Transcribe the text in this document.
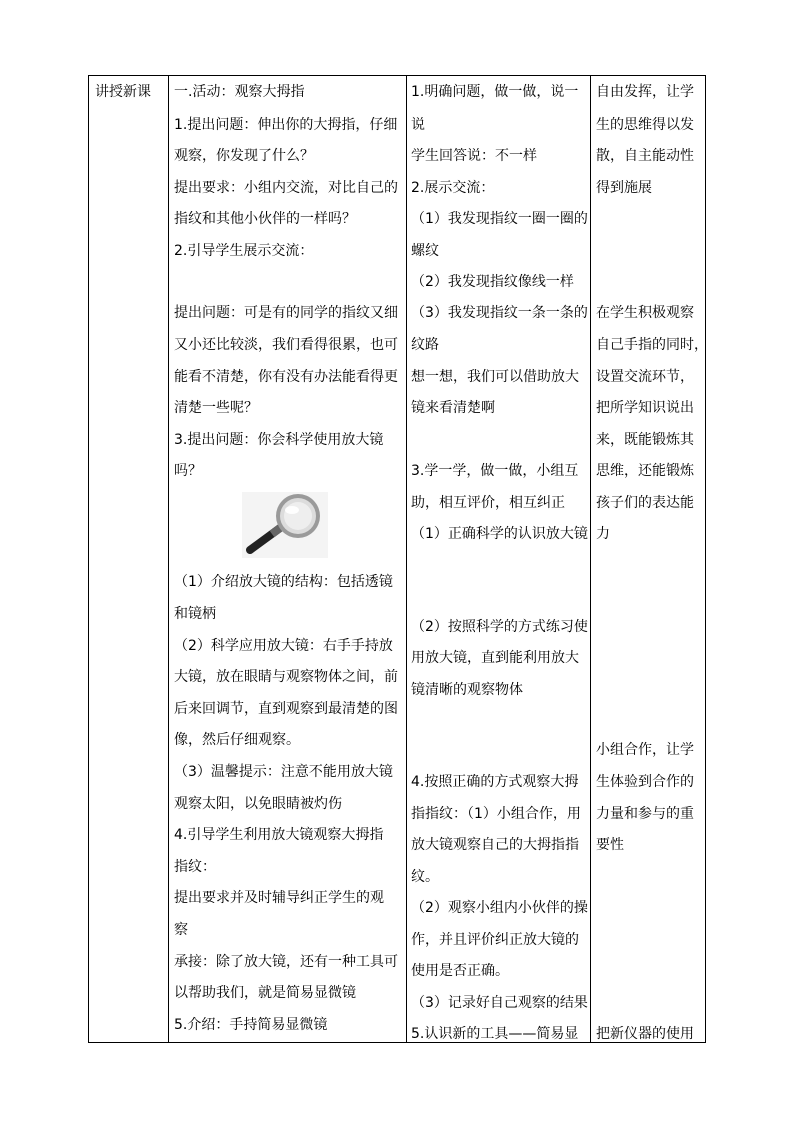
讲授新课 一.活动：观察大拇指
1.提出问题：伸出你的大拇指，仔细
观察，你发现了什么？
提出要求：小组内交流，对比自己的
指纹和其他小伙伴的一样吗？
2.引导学生展示交流：
提出问题：可是有的同学的指纹又细
又小还比较淡，我们看得很累，也可
能看不清楚，你有没有办法能看得更
清楚一些呢？
3.提出问题：你会科学使用放大镜
吗？
（1）介绍放大镜的结构：包括透镜
和镜柄
（2）科学应用放大镜：右手手持放
大镜，放在眼睛与观察物体之间，前
后来回调节，直到观察到最清楚的图
像，然后仔细观察。
（3）温馨提示：注意不能用放大镜
观察太阳，以免眼睛被灼伤
4.引导学生利用放大镜观察大拇指
指纹：
提出要求并及时辅导纠正学生的观
察
承接：除了放大镜，还有一种工具可
以帮助我们，就是简易显微镜
5.介绍：手持简易显微镜
1.明确问题，做一做，说一
说
学生回答说：不一样
2.展示交流：
（1）我发现指纹一圈一圈的
螺纹
（2）我发现指纹像线一样
（3）我发现指纹一条一条的
纹路
想一想，我们可以借助放大
镜来看清楚啊
3.学一学，做一做，小组互
助，相互评价，相互纠正
（1）正确科学的认识放大镜
（2）按照科学的方式练习使
用放大镜，直到能利用放大
镜清晰的观察物体
4.按照正确的方式观察大拇
指指纹：（1）小组合作，用
放大镜观察自己的大拇指指
纹。
（2）观察小组内小伙伴的操
作，并且评价纠正放大镜的
使用是否正确。
（3）记录好自己观察的结果
5.认识新的工具——简易显
自由发挥，让学
生的思维得以发
散，自主能动性
得到施展
在学生积极观察
自己手指的同时，
设置交流环节，
把所学知识说出
来，既能锻炼其
思维，还能锻炼
孩子们的表达能
力
小组合作，让学
生体验到合作的
力量和参与的重
要性
把新仪器的使用
